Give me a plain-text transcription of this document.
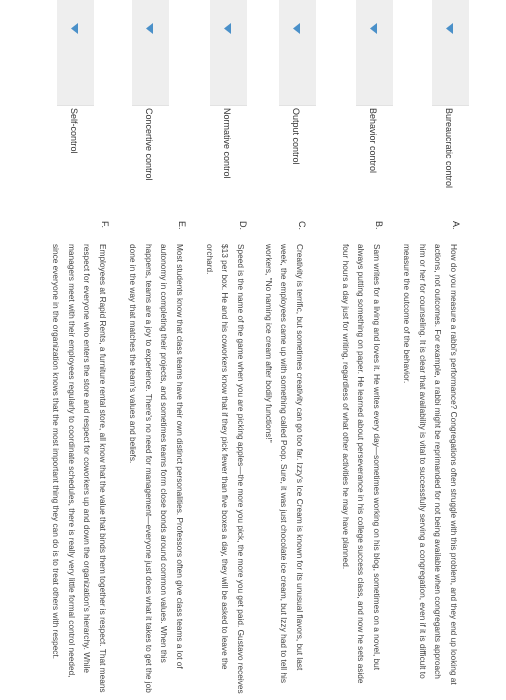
Bureaucratic control
A.
How do you measure a rabbi's performance? Congregations often struggle with this problem, and they end up looking at actions, not outcomes. For example, a rabbi might be reprimanded for not being available when congregants approach him or her for counseling. It is clear that availability is vital to successfully serving a congregation, even if it is difficult to measure the outcome of the behavior.
Behavior control
B.
Sam writes for a living and loves it. He writes every day—sometimes working on his blog, sometimes on a novel, but always putting something on paper. He learned about perseverance in his college success class, and now he sets aside four hours a day just for writing, regardless of what other activities he may have planned.
Output control
C.
Creativity is terrific, but sometimes creativity can go too far. Izzy's Ice Cream is known for its unusual flavors, but last week, the employees came up with something called Poop. Sure, it was just chocolate ice cream, but Izzy had to tell his workers, "No naming ice cream after bodily functions!"
Normative control
D.
Speed is the name of the game when you are picking apples—the more you pick, the more you get paid. Gustavo receives $13 per box. He and his coworkers know that if they pick fewer than five boxes a day, they will be asked to leave the orchard.
Concertive control
E.
Most students know that class teams have their own distinct personalities. Professors often give class teams a lot of autonomy in completing their projects, and sometimes teams form close bonds around common values. When this happens, teams are a joy to experience. There's no need for management—everyone just does what it takes to get the job done in the way that matches the team's values and beliefs.
Self-control
F.
Employees at Rapid Rents, a furniture rental store, all know that the value that binds them together is respect. That means respect for everyone who enters the store and respect for coworkers up and down the organization's hierarchy. While managers meet with their employees regularly to coordinate schedules, there is really very little formal control needed, since everyone in the organization knows that the most important thing they can do is to treat others with respect.
